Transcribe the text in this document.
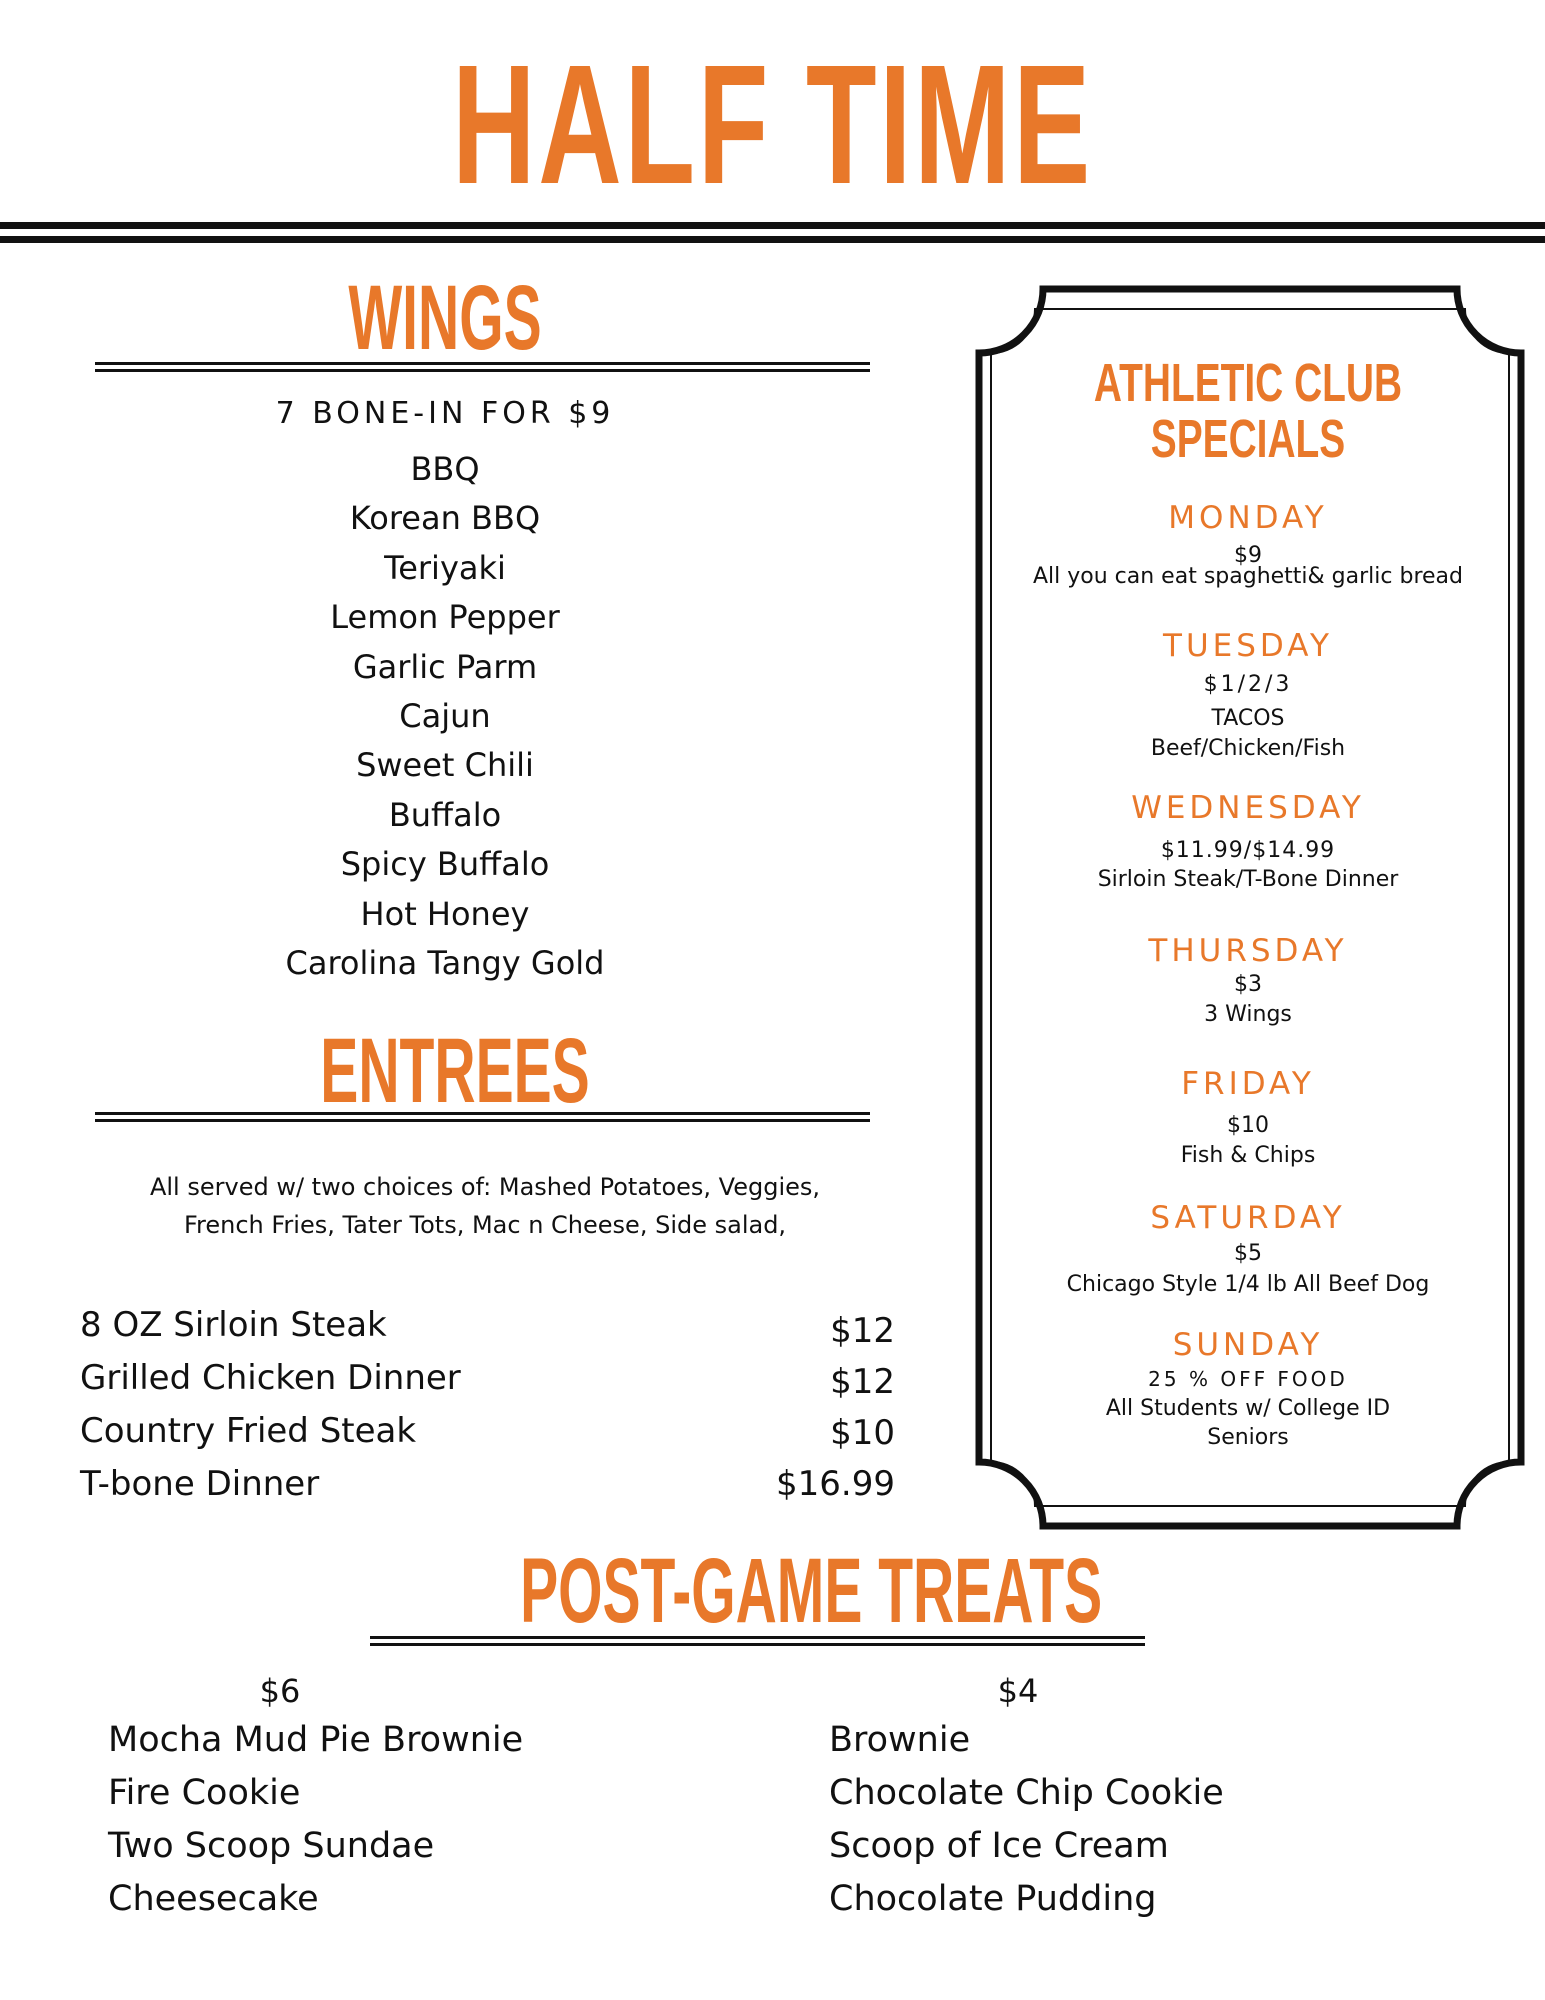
HALF TIME
WINGS
7 BONE-IN FOR $9
BBQ
Korean BBQ
Teriyaki
Lemon Pepper
Garlic Parm
Cajun
Sweet Chili
Buffalo
Spicy Buffalo
Hot Honey
Carolina Tangy Gold
ENTREES
All served w/ two choices of: Mashed Potatoes, Veggies,
French Fries, Tater Tots, Mac n Cheese, Side salad,
8 OZ Sirloin Steak	$12
Grilled Chicken Dinner	$12
Country Fried Steak	$10
T-bone Dinner	$16.99
ATHLETIC CLUB
SPECIALS
MONDAY
$9
All you can eat spaghetti& garlic bread
TUESDAY
$1/2/3
TACOS
Beef/Chicken/Fish
WEDNESDAY
$11.99/$14.99
Sirloin Steak/T-Bone Dinner
THURSDAY
$3
3 Wings
FRIDAY
$10
Fish & Chips
SATURDAY
$5
Chicago Style 1/4 lb All Beef Dog
SUNDAY
25 % OFF FOOD
All Students w/ College ID
Seniors
POST-GAME TREATS
$6
Mocha Mud Pie Brownie
Fire Cookie
Two Scoop Sundae
Cheesecake
$4
Brownie
Chocolate Chip Cookie
Scoop of Ice Cream
Chocolate Pudding
